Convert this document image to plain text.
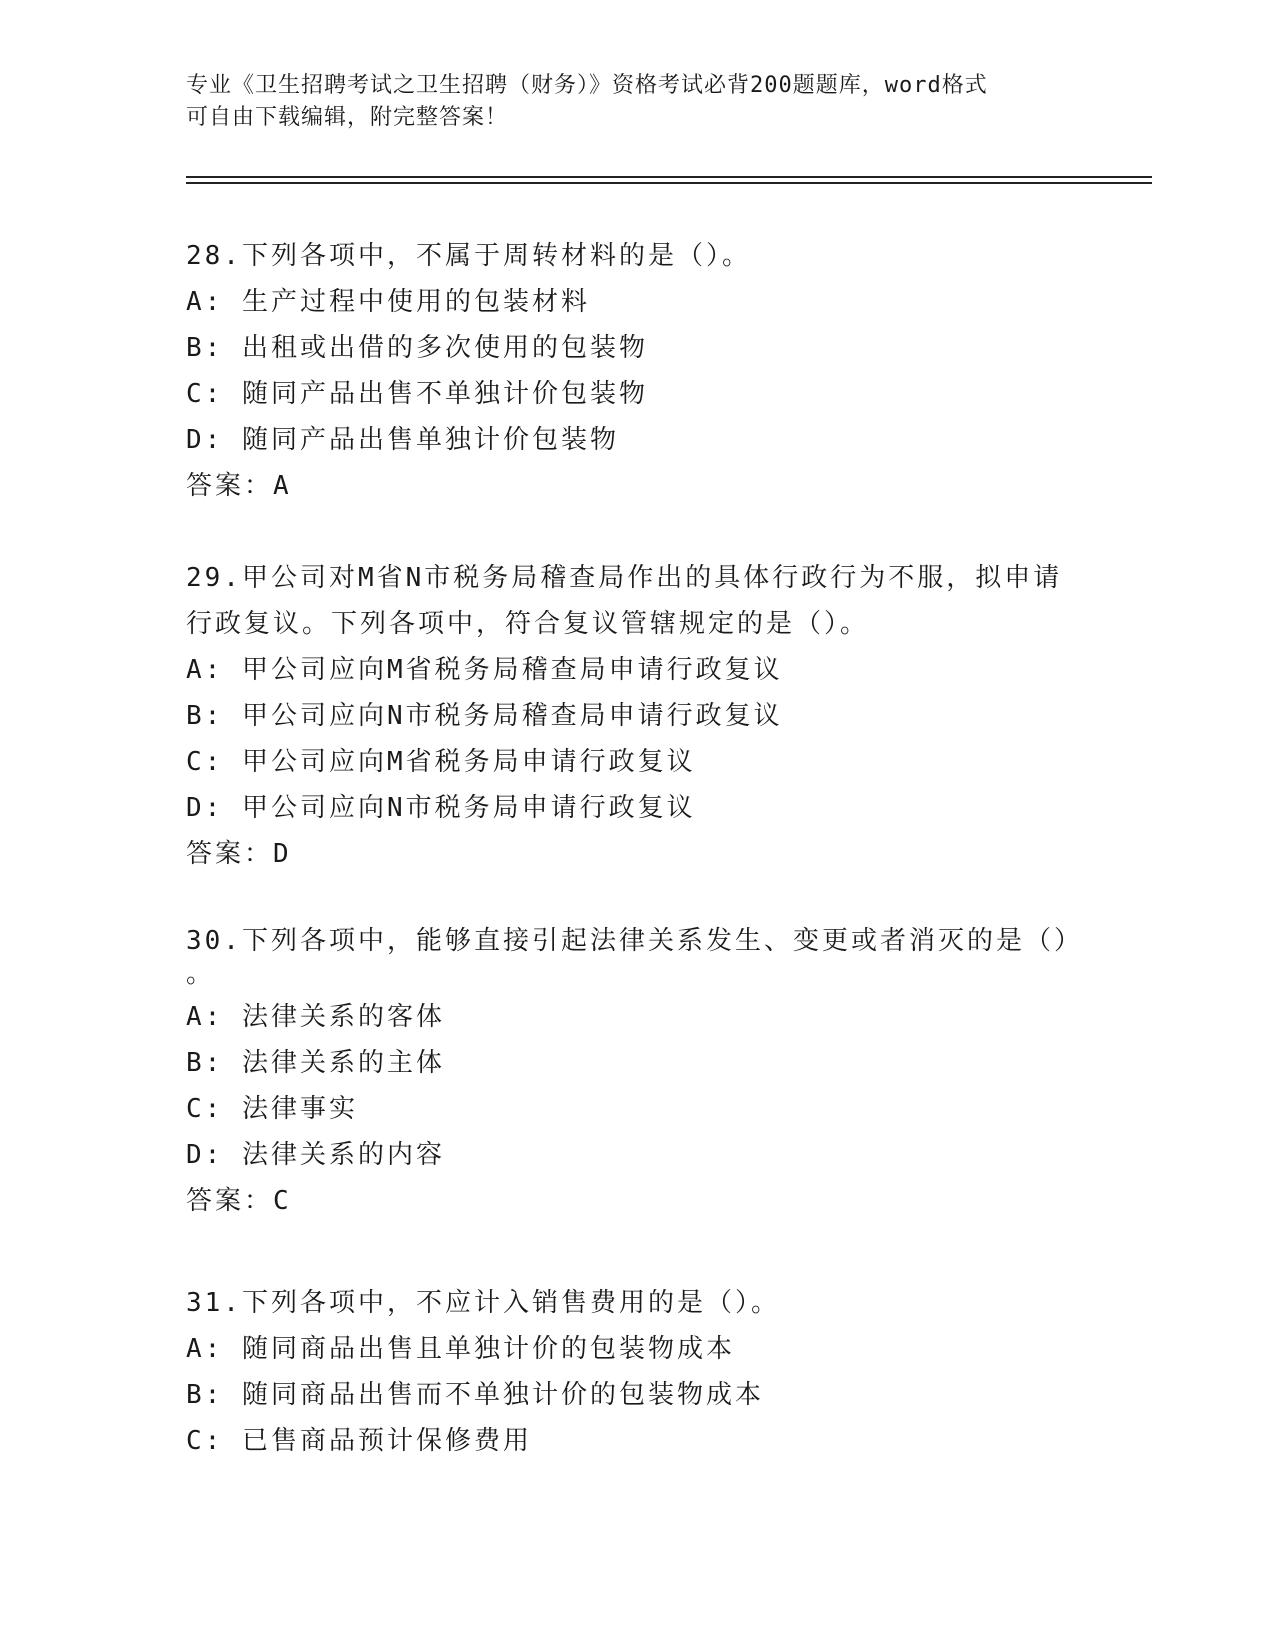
专业《卫生招聘考试之卫生招聘（财务）》资格考试必背200题题库，word格式
可自由下载编辑，附完整答案！
28.下列各项中，不属于周转材料的是（）。
A: 生产过程中使用的包装材料
B: 出租或出借的多次使用的包装物
C: 随同产品出售不单独计价包装物
D: 随同产品出售单独计价包装物
答案：A
29.甲公司对M省N市税务局稽查局作出的具体行政行为不服，拟申请
行政复议。下列各项中，符合复议管辖规定的是（）。
A: 甲公司应向M省税务局稽查局申请行政复议
B: 甲公司应向N市税务局稽查局申请行政复议
C: 甲公司应向M省税务局申请行政复议
D: 甲公司应向N市税务局申请行政复议
答案：D
30.下列各项中，能够直接引起法律关系发生、变更或者消灭的是（）
。
A: 法律关系的客体
B: 法律关系的主体
C: 法律事实
D: 法律关系的内容
答案：C
31.下列各项中，不应计入销售费用的是（）。
A: 随同商品出售且单独计价的包装物成本
B: 随同商品出售而不单独计价的包装物成本
C: 已售商品预计保修费用
